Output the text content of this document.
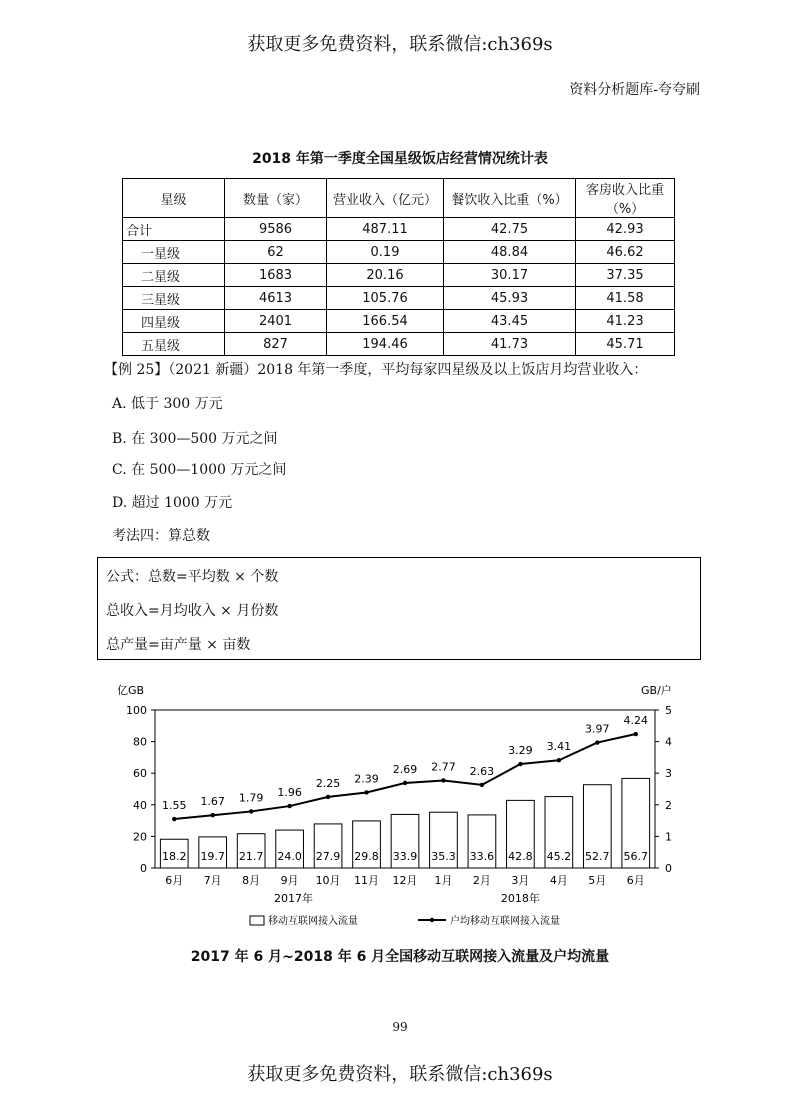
获取更多免费资料，联系微信:ch369s
资料分析题库-夸夸刷
2018 年第一季度全国星级饭店经营情况统计表
星级	数量（家）	营业收入（亿元）	餐饮收入比重（%）	客房收入比重（%）
合计	9586	487.11	42.75	42.93
一星级	62	0.19	48.84	46.62
二星级	1683	20.16	30.17	37.35
三星级	4613	105.76	45.93	41.58
四星级	2401	166.54	43.45	41.23
五星级	827	194.46	41.73	45.71
【例 25】（2021 新疆）2018 年第一季度，平均每家四星级及以上饭店月均营业收入：
A. 低于 300 万元
B. 在 300—500 万元之间
C. 在 500—1000 万元之间
D. 超过 1000 万元
考法四：算总数
公式：总数=平均数 × 个数
总收入=月均收入 × 月份数
总产量=亩产量 × 亩数
0
20
40
60
80
100
0
1
2
3
4
5
亿GB	GB/户
18.2
6月
19.7
7月
21.7
8月
24.0
9月
27.9
10月
29.8
11月
33.9
12月
35.3
1月
33.6
2月
42.8
3月
45.2
4月
52.7
5月
56.7
6月
1.55 1.67 1.79 1.96
2.25 2.39
2.69 2.77 2.63
3.29 3.41
3.97
4.24
2017年	2018年
移动互联网接入流量	户均移动互联网接入流量
2017 年 6 月~2018 年 6 月全国移动互联网接入流量及户均流量
99
获取更多免费资料，联系微信:ch369s
